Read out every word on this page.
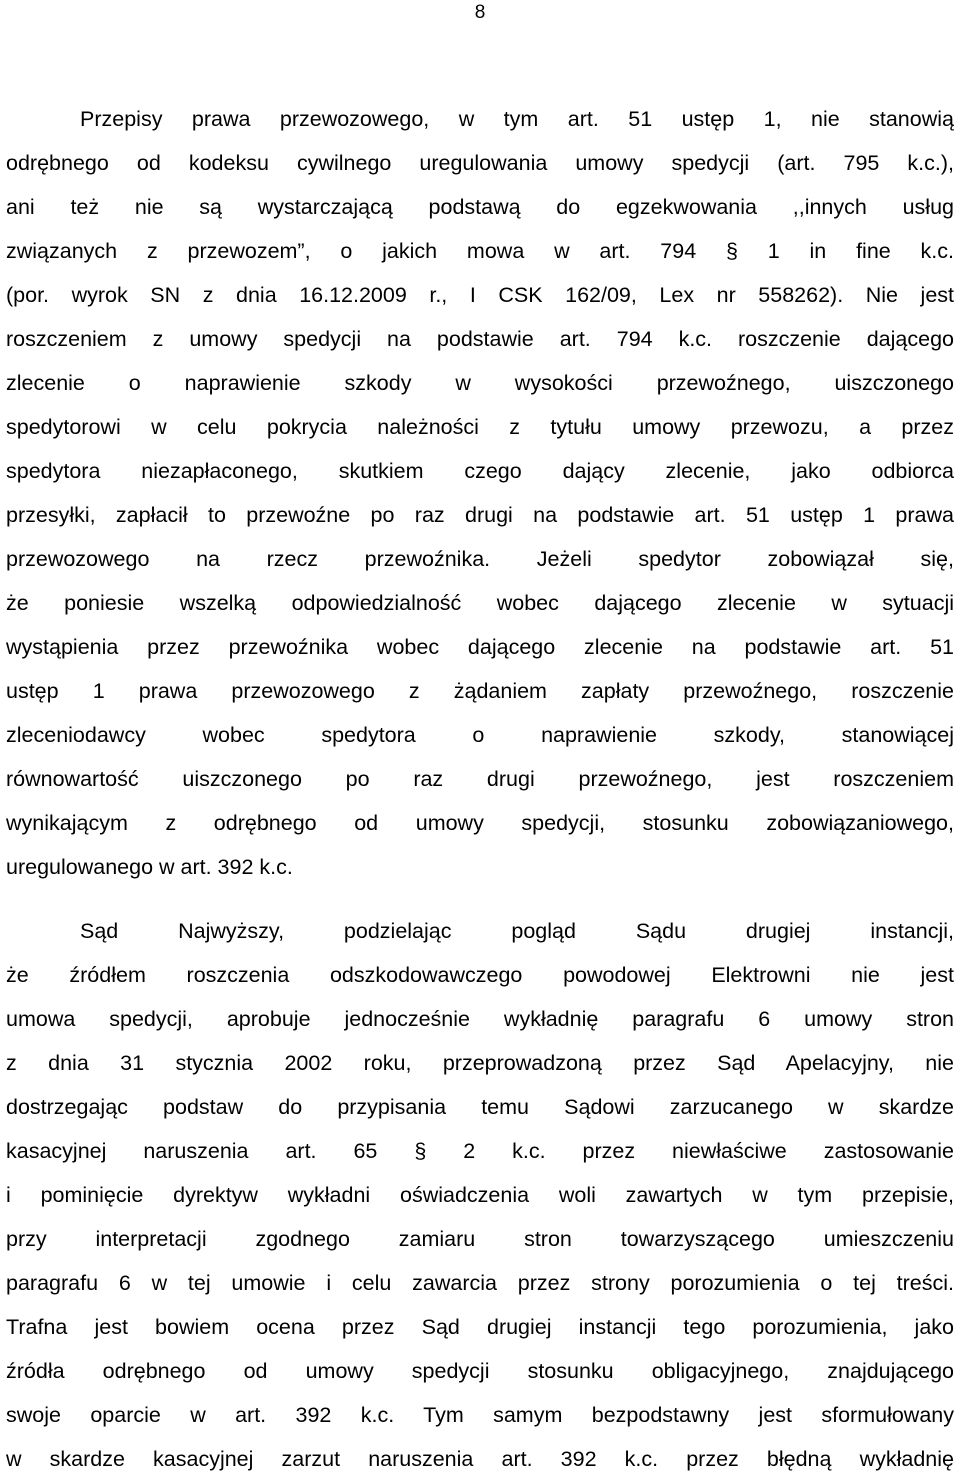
8
Przepisy prawa przewozowego, w tym art. 51 ustęp 1, nie stanowią
odrębnego od kodeksu cywilnego uregulowania umowy spedycji (art. 795 k.c.),
ani też nie są wystarczającą podstawą do egzekwowania ,,innych usług
związanych z przewozem”, o jakich mowa w art. 794 § 1 in fine k.c.
(por. wyrok SN z dnia 16.12.2009 r., I CSK 162/09, Lex nr 558262). Nie jest
roszczeniem z umowy spedycji na podstawie art. 794 k.c. roszczenie dającego
zlecenie o naprawienie szkody w wysokości przewoźnego, uiszczonego
spedytorowi w celu pokrycia należności z tytułu umowy przewozu, a przez
spedytora niezapłaconego, skutkiem czego dający zlecenie, jako odbiorca
przesyłki, zapłacił to przewoźne po raz drugi na podstawie art. 51 ustęp 1 prawa
przewozowego na rzecz przewoźnika. Jeżeli spedytor zobowiązał się,
że poniesie wszelką odpowiedzialność wobec dającego zlecenie w sytuacji
wystąpienia przez przewoźnika wobec dającego zlecenie na podstawie art. 51
ustęp 1 prawa przewozowego z żądaniem zapłaty przewoźnego, roszczenie
zleceniodawcy wobec spedytora o naprawienie szkody, stanowiącej
równowartość uiszczonego po raz drugi przewoźnego, jest roszczeniem
wynikającym z odrębnego od umowy spedycji, stosunku zobowiązaniowego,
uregulowanego w art. 392 k.c.
Sąd Najwyższy, podzielając pogląd Sądu drugiej instancji,
że źródłem roszczenia odszkodowawczego powodowej Elektrowni nie jest
umowa spedycji, aprobuje jednocześnie wykładnię paragrafu 6 umowy stron
z dnia 31 stycznia 2002 roku, przeprowadzoną przez Sąd Apelacyjny, nie
dostrzegając podstaw do przypisania temu Sądowi zarzucanego w skardze
kasacyjnej naruszenia art. 65 § 2 k.c. przez niewłaściwe zastosowanie
i pominięcie dyrektyw wykładni oświadczenia woli zawartych w tym przepisie,
przy interpretacji zgodnego zamiaru stron towarzyszącego umieszczeniu
paragrafu 6 w tej umowie i celu zawarcia przez strony porozumienia o tej treści.
Trafna jest bowiem ocena przez Sąd drugiej instancji tego porozumienia, jako
źródła odrębnego od umowy spedycji stosunku obligacyjnego, znajdującego
swoje oparcie w art. 392 k.c. Tym samym bezpodstawny jest sformułowany
w skardze kasacyjnej zarzut naruszenia art. 392 k.c. przez błędną wykładnię
